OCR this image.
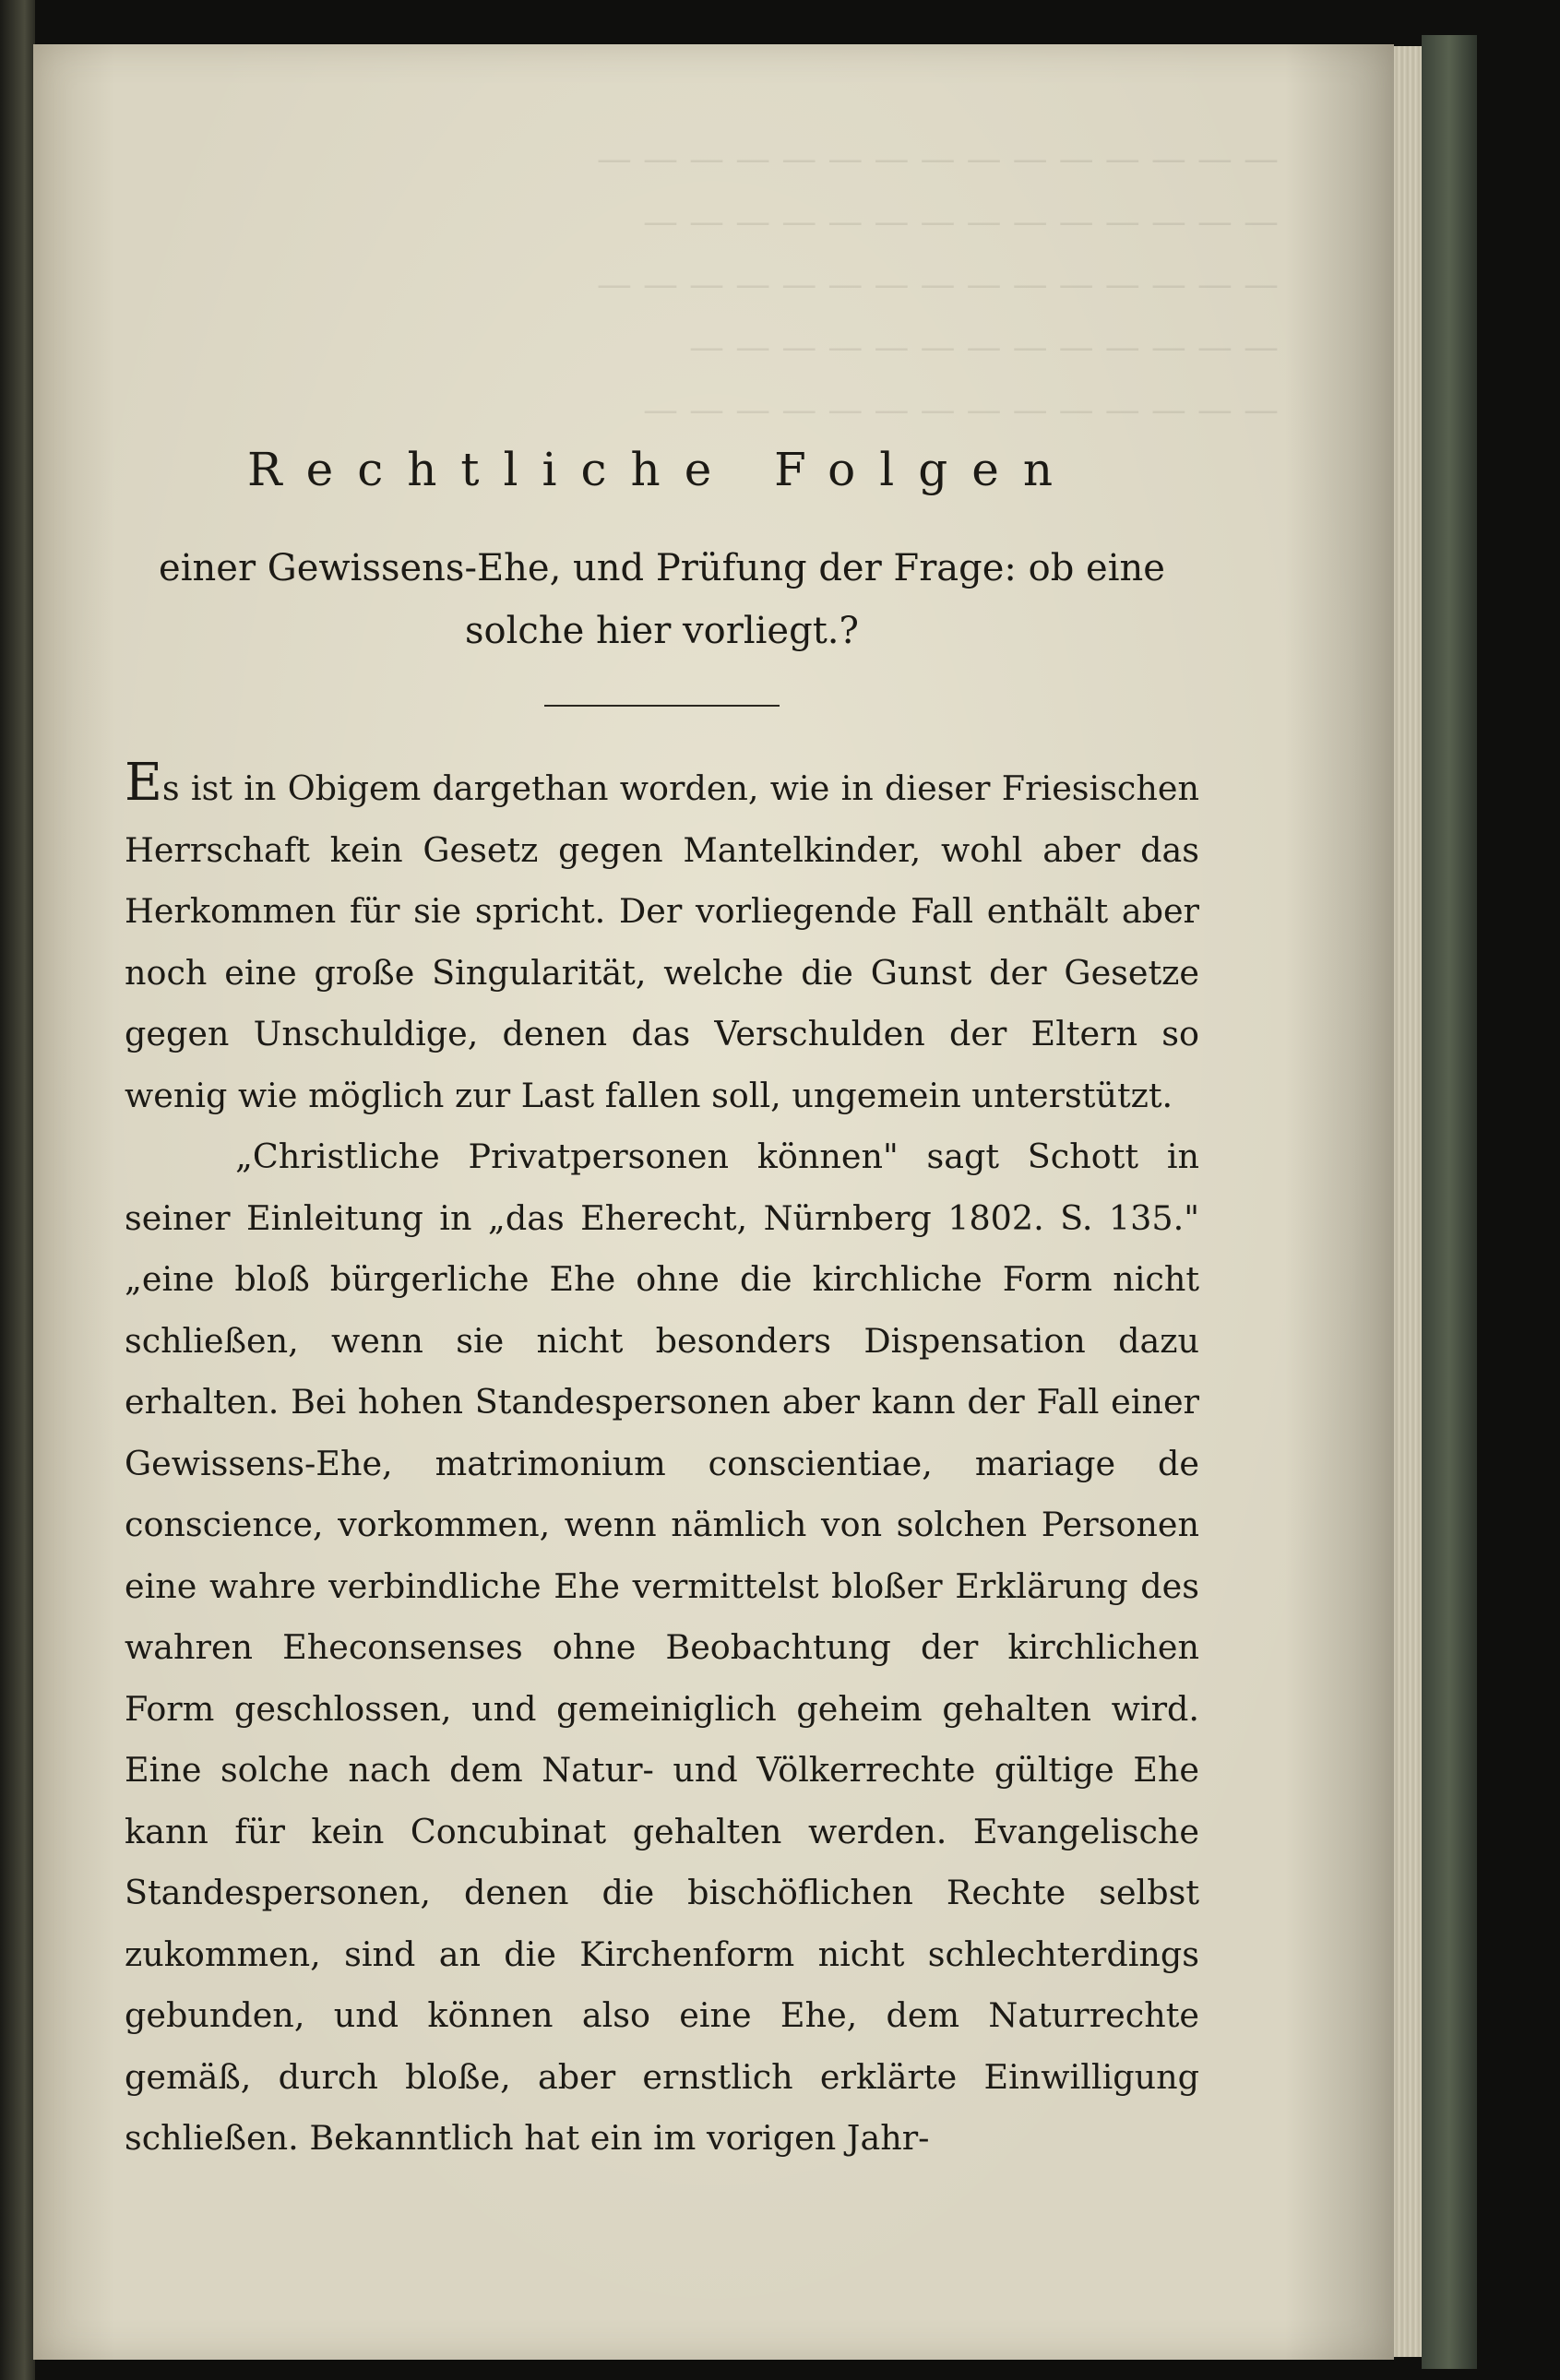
— — — — — — — — — — — — — — —
— — — — — — — — — — — — — —
— — — — — — — — — — — — — — —
— — — — — — — — — — — — —
— — — — — — — — — — — — — —
Rechtliche Folgen
einer Gewissens-Ehe, und Prüfung der Frage: ob eine solche hier vorliegt.?

Es ist in Obigem dargethan worden, wie in dieser Friesischen Herrschaft kein Gesetz gegen Mantelkinder, wohl aber das Herkommen für sie spricht. Der vorliegende Fall enthält aber noch eine große Singularität, welche die Gunst der Gesetze gegen Unschuldige, denen das Verschulden der Eltern so wenig wie möglich zur Last fallen soll, ungemein unterstützt.

„Christliche Privatpersonen können" sagt Schott in seiner Einleitung in „das Eherecht, Nürnberg 1802. S. 135." „eine bloß bürgerliche Ehe ohne die kirchliche Form nicht schließen, wenn sie nicht besonders Dispensation dazu erhalten. Bei hohen Standespersonen aber kann der Fall einer Gewissens-Ehe, matrimonium conscientiae, mariage de conscience, vorkommen, wenn nämlich von solchen Personen eine wahre verbindliche Ehe vermittelst bloßer Erklärung des wahren Eheconsenses ohne Beobachtung der kirchlichen Form geschlossen, und gemeiniglich geheim gehalten wird. Eine solche nach dem Natur- und Völkerrechte gültige Ehe kann für kein Concubinat gehalten werden. Evangelische Standespersonen, denen die bischöflichen Rechte selbst zukommen, sind an die Kirchenform nicht schlechterdings gebunden, und können also eine Ehe, dem Naturrechte gemäß, durch bloße, aber ernstlich erklärte Einwilligung schließen. Bekanntlich hat ein im vorigen Jahr-
